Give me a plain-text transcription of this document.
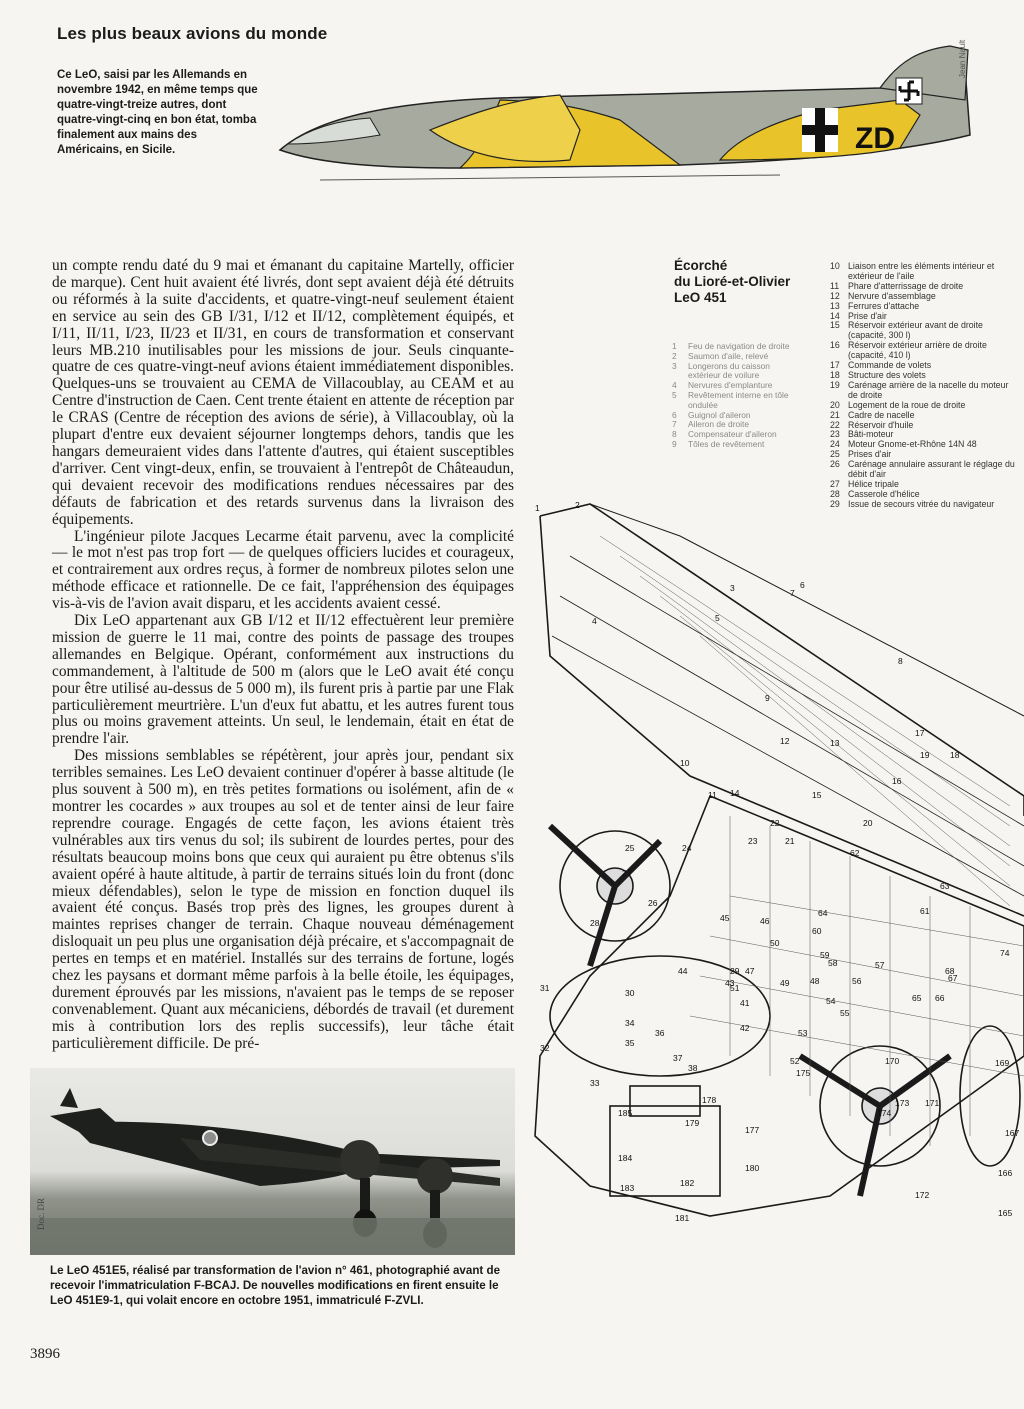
Les plus beaux avions du monde
Ce LeO, saisi par les Allemands en novembre 1942, en même temps que quatre-vingt-treize autres, dont quatre-vingt-cinq en bon état, tomba finalement aux mains des Américains, en Sicile.	ZD
Jean Nault

un compte rendu daté du 9 mai et émanant du capitaine Martelly, officier de marque). Cent huit avaient été livrés, dont sept avaient déjà été détruits ou réformés à la suite d'accidents, et quatre-vingt-neuf seulement étaient en service au sein des GB I/31, I/12 et II/12, complètement équipés, et I/11, II/11, I/23, II/23 et II/31, en cours de transformation et conservant leurs MB.210 inutilisables pour les missions de jour. Seuls cinquante-quatre de ces quatre-vingt-neuf avions étaient immédiatement disponibles. Quelques-uns se trouvaient au CEMA de Villacoublay, au CEAM et au Centre d'instruction de Caen. Cent trente étaient en attente de réception par le CRAS (Centre de réception des avions de série), à Villacoublay, où la plupart d'entre eux devaient séjourner longtemps dehors, tandis que les hangars demeuraient vides dans l'attente d'autres, qui étaient susceptibles d'arriver. Cent vingt-deux, enfin, se trouvaient à l'entrepôt de Châteaudun, qui devaient recevoir des modifications rendues nécessaires par des défauts de fabrication et des retards survenus dans la livraison des équipements.

L'ingénieur pilote Jacques Lecarme était parvenu, avec la complicité — le mot n'est pas trop fort — de quelques officiers lucides et courageux, et contrairement aux ordres reçus, à former de nombreux pilotes selon une méthode efficace et rationnelle. De ce fait, l'appréhension des équipages vis-à-vis de l'avion avait disparu, et les accidents avaient cessé.

Dix LeO appartenant aux GB I/12 et II/12 effectuèrent leur première mission de guerre le 11 mai, contre des points de passage des troupes allemandes en Belgique. Opérant, conformément aux instructions du commandement, à l'altitude de 500 m (alors que le LeO avait été conçu pour être utilisé au-dessus de 5 000 m), ils furent pris à partie par une Flak particulièrement meurtrière. L'un d'eux fut abattu, et les autres furent tous plus ou moins gravement atteints. Un seul, le lendemain, était en état de prendre l'air.

Des missions semblables se répétèrent, jour après jour, pendant six terribles semaines. Les LeO devaient continuer d'opérer à basse altitude (le plus souvent à 500 m), en très petites formations ou isolément, afin de « montrer les cocardes » aux troupes au sol et de tenter ainsi de leur faire reprendre courage. Engagés de cette façon, les avions étaient très vulnérables aux tirs venus du sol; ils subirent de lourdes pertes, pour des résultats beaucoup moins bons que ceux qui auraient pu être obtenus s'ils avaient opéré à haute altitude, à partir de terrains situés loin du front (donc mieux défendables), selon le type de mission en fonction duquel ils avaient été conçus. Basés trop près des lignes, les groupes durent à maintes reprises changer de terrain. Chaque nouveau déménagement disloquait un peu plus une organisation déjà précaire, et s'accompagnait de pertes en temps et en matériel. Installés sur des terrains de fortune, logés chez les paysans et dormant même parfois à la belle étoile, les équipages, durement éprouvés par les missions, n'avaient pas le temps de se reposer convenablement. Quant aux mécaniciens, débordés de travail (et durement mis à contribution lors des replis successifs), leur tâche était particulièrement difficile. De pré-

Écorché
du Lioré-et-Olivier
LeO 451
1	Feu de navigation de droite
2	Saumon d'aile, relevé
3	Longerons du caisson extérieur de voilure
4	Nervures d'emplanture
5	Revêtement interne en tôle ondulée
6	Guignol d'aileron
7	Aileron de droite
8	Compensateur d'aileron
9	Tôles de revêtement
10 Liaison entre les éléments intérieur et extérieur de l'aile
11	Phare d'atterrissage de droite
12 Nervure d'assemblage
13 Ferrures d'attache
14 Prise d'air
15 Réservoir extérieur avant de droite (capacité, 300 l)
16 Réservoir extérieur arrière de droite (capacité, 410 l)
17 Commande de volets
18 Structure des volets
19 Carénage arrière de la nacelle du moteur de droite
20 Logement de la roue de droite
21 Cadre de nacelle
22 Réservoir d'huile
23 Bâti-moteur
24 Moteur Gnome-et-Rhône 14N 48
25 Prises d'air
26 Carénage annulaire assurant le réglage du débit d'air
27 Hélice tripale
28 Casserole d'hélice
29 Issue de secours vitrée du navigateur
1	2
3
4	5
6
7
8
9
10
11
12	13
14	15
16
17
18
19
20
21
22
23
24
25
26
27
28
29
30
31
32
33
34
35
36
37
38
41
42
43
44
45	46
47
48
49
50
51
52
53
54
55
56
57
58
59
60
61
62
63
64
65 66
67
68
74
165
166
167
169
170
171
172
173
174
175
177
178
179
180
181
182
183
184
185
Doc. DR
Le LeO 451E5, réalisé par transformation de l'avion n° 461, photographié avant de recevoir l'immatriculation F-BCAJ. De nouvelles modifications en firent ensuite le LeO 451E9-1, qui volait encore en octobre 1951, immatriculé F-ZVLI.
3896
